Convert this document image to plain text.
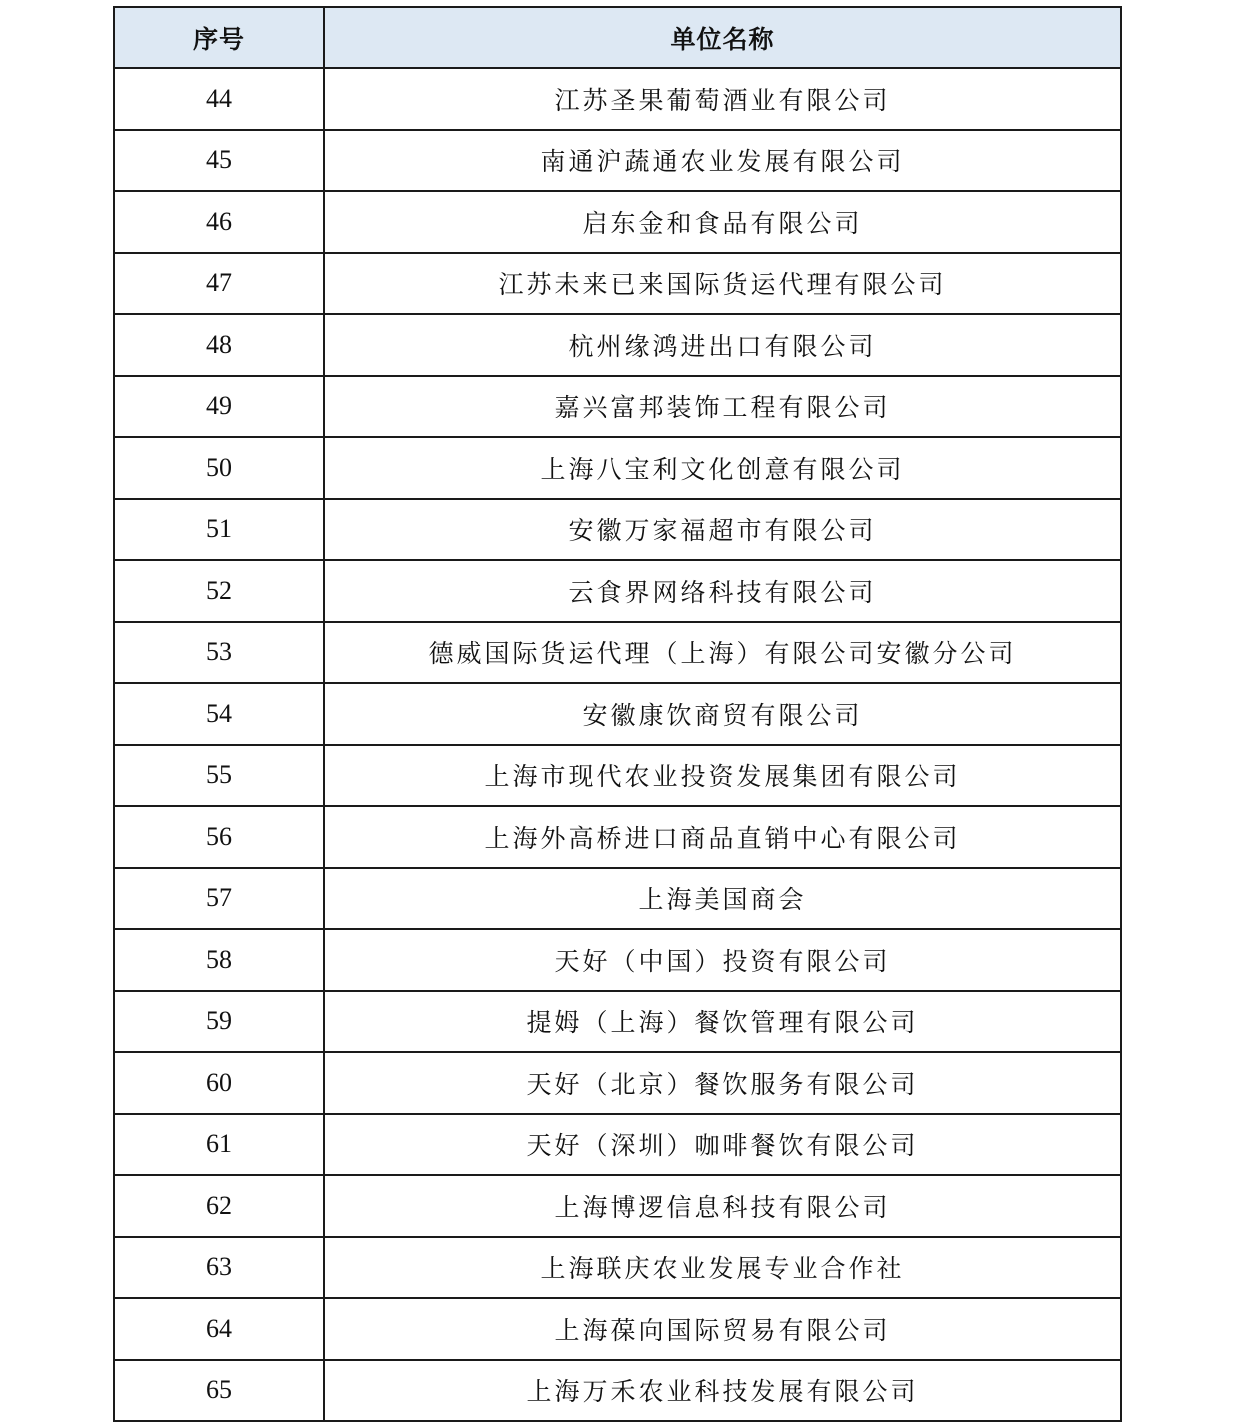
序号	单位名称
44	江苏圣果葡萄酒业有限公司
45	南通沪蔬通农业发展有限公司
46	启东金和食品有限公司
47	江苏未来已来国际货运代理有限公司
48	杭州缘鸿进出口有限公司
49	嘉兴富邦装饰工程有限公司
50	上海八宝利文化创意有限公司
51	安徽万家福超市有限公司
52	云食界网络科技有限公司
53	德威国际货运代理（上海）有限公司安徽分公司
54	安徽康饮商贸有限公司
55	上海市现代农业投资发展集团有限公司
56	上海外高桥进口商品直销中心有限公司
57	上海美国商会
58	天好（中国）投资有限公司
59	提姆（上海）餐饮管理有限公司
60	天好（北京）餐饮服务有限公司
61	天好（深圳）咖啡餐饮有限公司
62	上海博逻信息科技有限公司
63	上海联庆农业发展专业合作社
64	上海葆向国际贸易有限公司
65	上海万禾农业科技发展有限公司
